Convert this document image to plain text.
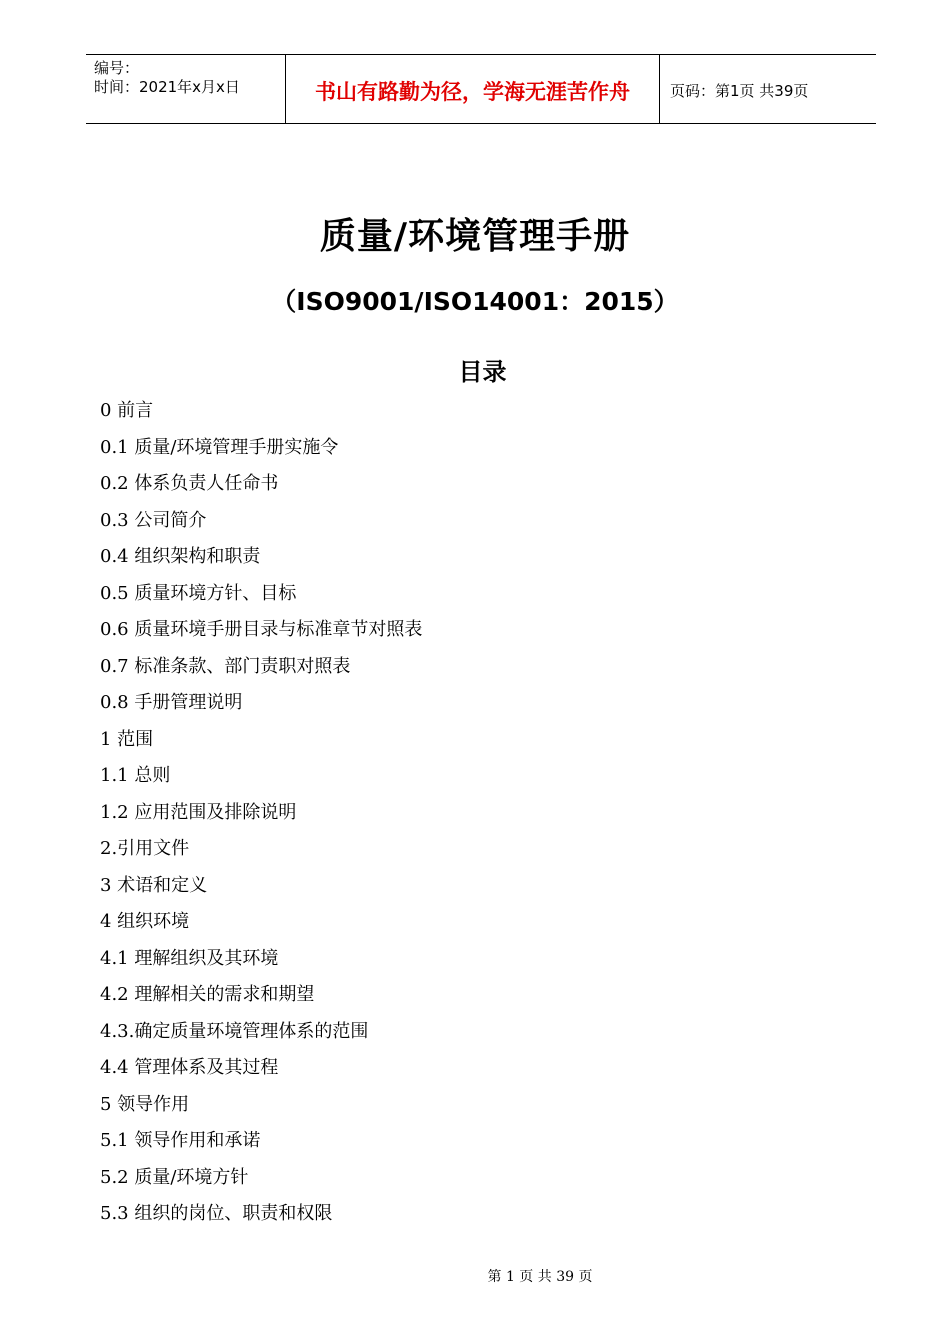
编号：
时间：2021年x月x日	书山有路勤为径，学海无涯苦作舟	页码：第1页 共39页
质量/环境管理手册
（ISO9001/ISO14001：2015）
目录
0 前言
0.1 质量/环境管理手册实施令
0.2 体系负责人任命书
0.3 公司简介
0.4 组织架构和职责
0.5 质量环境方针、目标
0.6 质量环境手册目录与标准章节对照表
0.7 标准条款、部门责职对照表
0.8 手册管理说明
1 范围
1.1 总则
1.2 应用范围及排除说明
2.引用文件
3 术语和定义
4 组织环境
4.1 理解组织及其环境
4.2 理解相关的需求和期望
4.3.确定质量环境管理体系的范围
4.4 管理体系及其过程
5 领导作用
5.1 领导作用和承诺
5.2 质量/环境方针
5.3 组织的岗位、职责和权限
第 1 页 共 39 页
